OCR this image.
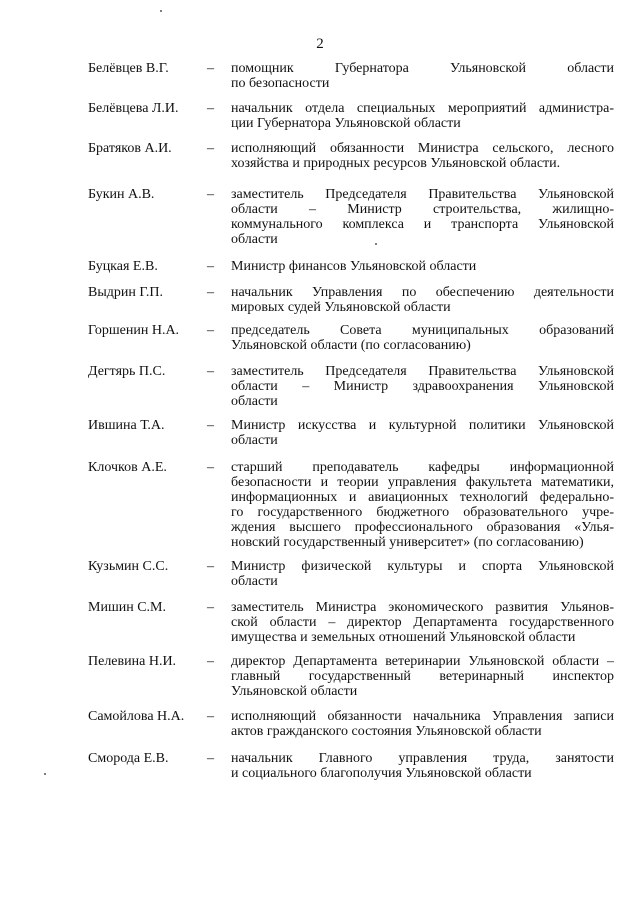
2
Белёвцев В.Г.	–	помощник Губернатора Ульяновской области
по безопасности
Белёвцева Л.И.	–	начальник отдела специальных мероприятий администра-
ции Губернатора Ульяновской области
Братяков А.И.	–	исполняющий обязанности Министра сельского, лесного
хозяйства и природных ресурсов Ульяновской области.
Букин А.В.	–	заместитель Председателя Правительства Ульяновской
области – Министр строительства, жилищно-
коммунального комплекса и транспорта Ульяновской
области
Буцкая Е.В.	–	Министр финансов Ульяновской области
Выдрин Г.П.	–	начальник Управления по обеспечению деятельности
мировых судей Ульяновской области
Горшенин Н.А.	–	председатель Совета муниципальных образований
Ульяновской области (по согласованию)
Дегтярь П.С.	–	заместитель Председателя Правительства Ульяновской
области – Министр здравоохранения Ульяновской
области
Ившина Т.А.	–	Министр искусства и культурной политики Ульяновской
области
Клочков А.Е.	–	старший преподаватель кафедры информационной
безопасности и теории управления факультета математики,
информационных и авиационных технологий федерально-
го государственного бюджетного образовательного учре-
ждения высшего профессионального образования «Улья-
новский государственный университет» (по согласованию)
Кузьмин С.С.	–	Министр физической культуры и спорта Ульяновской
области
Мишин С.М.	–	заместитель Министра экономического развития Ульянов-
ской области – директор Департамента государственного
имущества и земельных отношений Ульяновской области
Пелевина Н.И.	–	директор Департамента ветеринарии Ульяновской области –
главный государственный ветеринарный инспектор
Ульяновской области
Самойлова Н.А.	–	исполняющий обязанности начальника Управления записи
актов гражданского состояния Ульяновской области
Сморода Е.В.	–	начальник Главного управления труда, занятости
и социального благополучия Ульяновской области
